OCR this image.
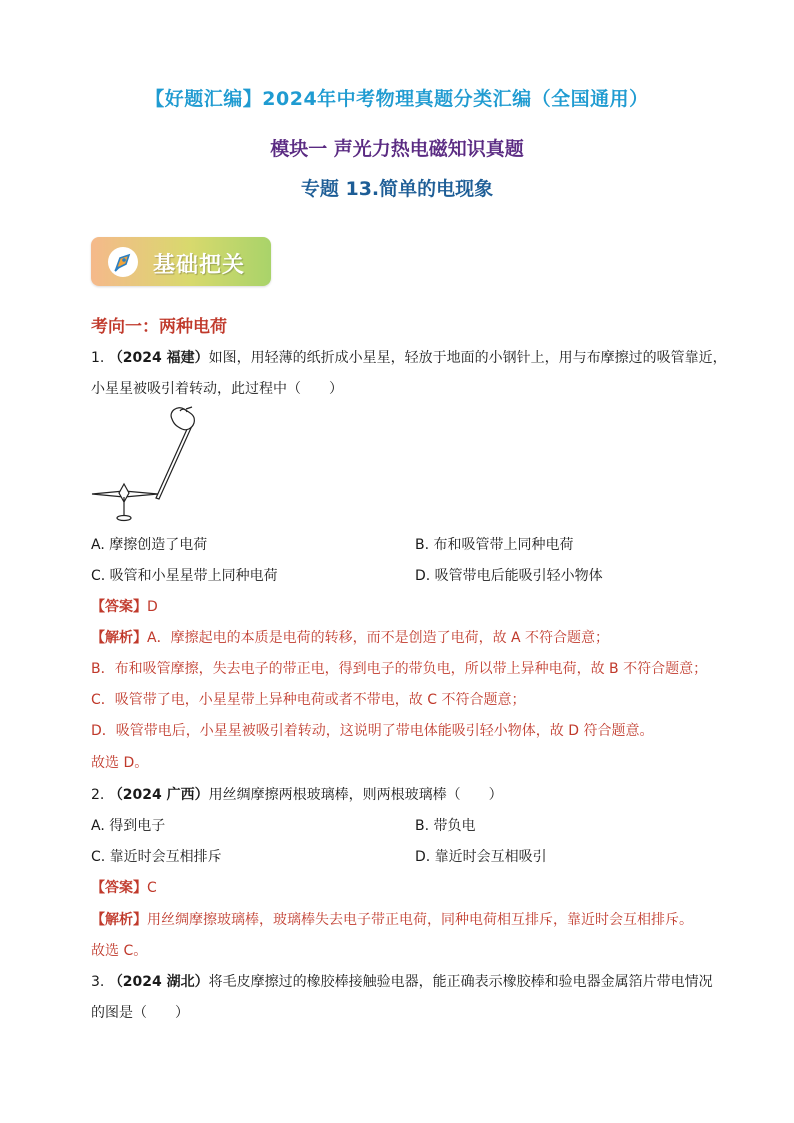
【好题汇编】2024年中考物理真题分类汇编（全国通用）
模块一 声光力热电磁知识真题
专题 13.简单的电现象
基础把关
考向一：两种电荷
1. （2024 福建）如图，用轻薄的纸折成小星星，轻放于地面的小钢针上，用与布摩擦过的吸管靠近，
小星星被吸引着转动，此过程中（　　）
A. 摩擦创造了电荷	B. 布和吸管带上同种电荷
C. 吸管和小星星带上同种电荷	D. 吸管带电后能吸引轻小物体
【答案】D
【解析】A．摩擦起电的本质是电荷的转移，而不是创造了电荷，故 A 不符合题意；
B．布和吸管摩擦，失去电子的带正电，得到电子的带负电，所以带上异种电荷，故 B 不符合题意；
C．吸管带了电，小星星带上异种电荷或者不带电，故 C 不符合题意；
D．吸管带电后，小星星被吸引着转动，这说明了带电体能吸引轻小物体，故 D 符合题意。
故选 D。
2. （2024 广西）用丝绸摩擦两根玻璃棒，则两根玻璃棒（　　）
A. 得到电子	B. 带负电
C. 靠近时会互相排斥	D. 靠近时会互相吸引
【答案】C
【解析】用丝绸摩擦玻璃棒，玻璃棒失去电子带正电荷，同种电荷相互排斥，靠近时会互相排斥。
故选 C。
3. （2024 湖北）将毛皮摩擦过的橡胶棒接触验电器，能正确表示橡胶棒和验电器金属箔片带电情况
的图是（　　）
